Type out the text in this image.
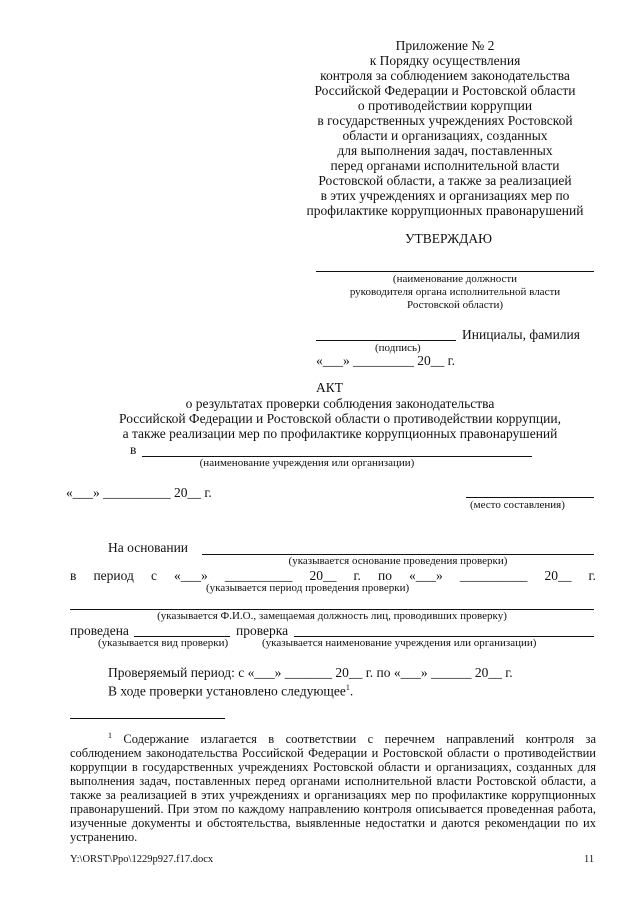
Приложение № 2
к Порядку осуществления
контроля за соблюдением законодательства
Российской Федерации и Ростовской области
о противодействии коррупции
в государственных учреждениях Ростовской
области и организациях, созданных
для выполнения задач, поставленных
перед органами исполнительной власти
Ростовской области, а также за реализацией
в этих учреждениях и организациях мер по
профилактике коррупционных правонарушений
УТВЕРЖДАЮ
(наименование должности
руководителя органа исполнительной власти
Ростовской области)
Инициалы, фамилия
(подпись)
«___» _________ 20__ г.
АКТ
о результатах проверки соблюдения законодательства
Российской Федерации и Ростовской области о противодействии коррупции,
а также реализации мер по профилактике коррупционных правонарушений
в
(наименование учреждения или организации)
«___» __________ 20__ г.
(место составления)
На основании
(указывается основание проведения проверки)
в период с «___» __________ 20__ г. по «___» __________ 20__ г.
(указывается период проведения проверки)
(указывается Ф.И.О., замещаемая должность лиц, проводивших проверку)
проведена	проверка
(указывается вид проверки)	(указывается наименование учреждения или организации)
Проверяемый период: с «___» _______ 20__ г. по «___» ______ 20__ г.
В ходе проверки установлено следующее$^1$.
$^1$ Содержание излагается в соответствии с перечнем направлений контроля за соблюдением законодательства Российской Федерации и Ростовской области о противодействии коррупции в государственных учреждениях Ростовской области и организациях, созданных для выполнения задач, поставленных перед органами исполнительной власти Ростовской области, а также за реализацией в этих учреждениях и организациях мер по профилактике коррупционных правонарушений. При этом по каждому направлению контроля описывается проведенная работа, изученные документы и обстоятельства, выявленные недостатки и даются рекомендации по их устранению.
Y:\ORST\Ppo\1229p927.f17.docx	11
